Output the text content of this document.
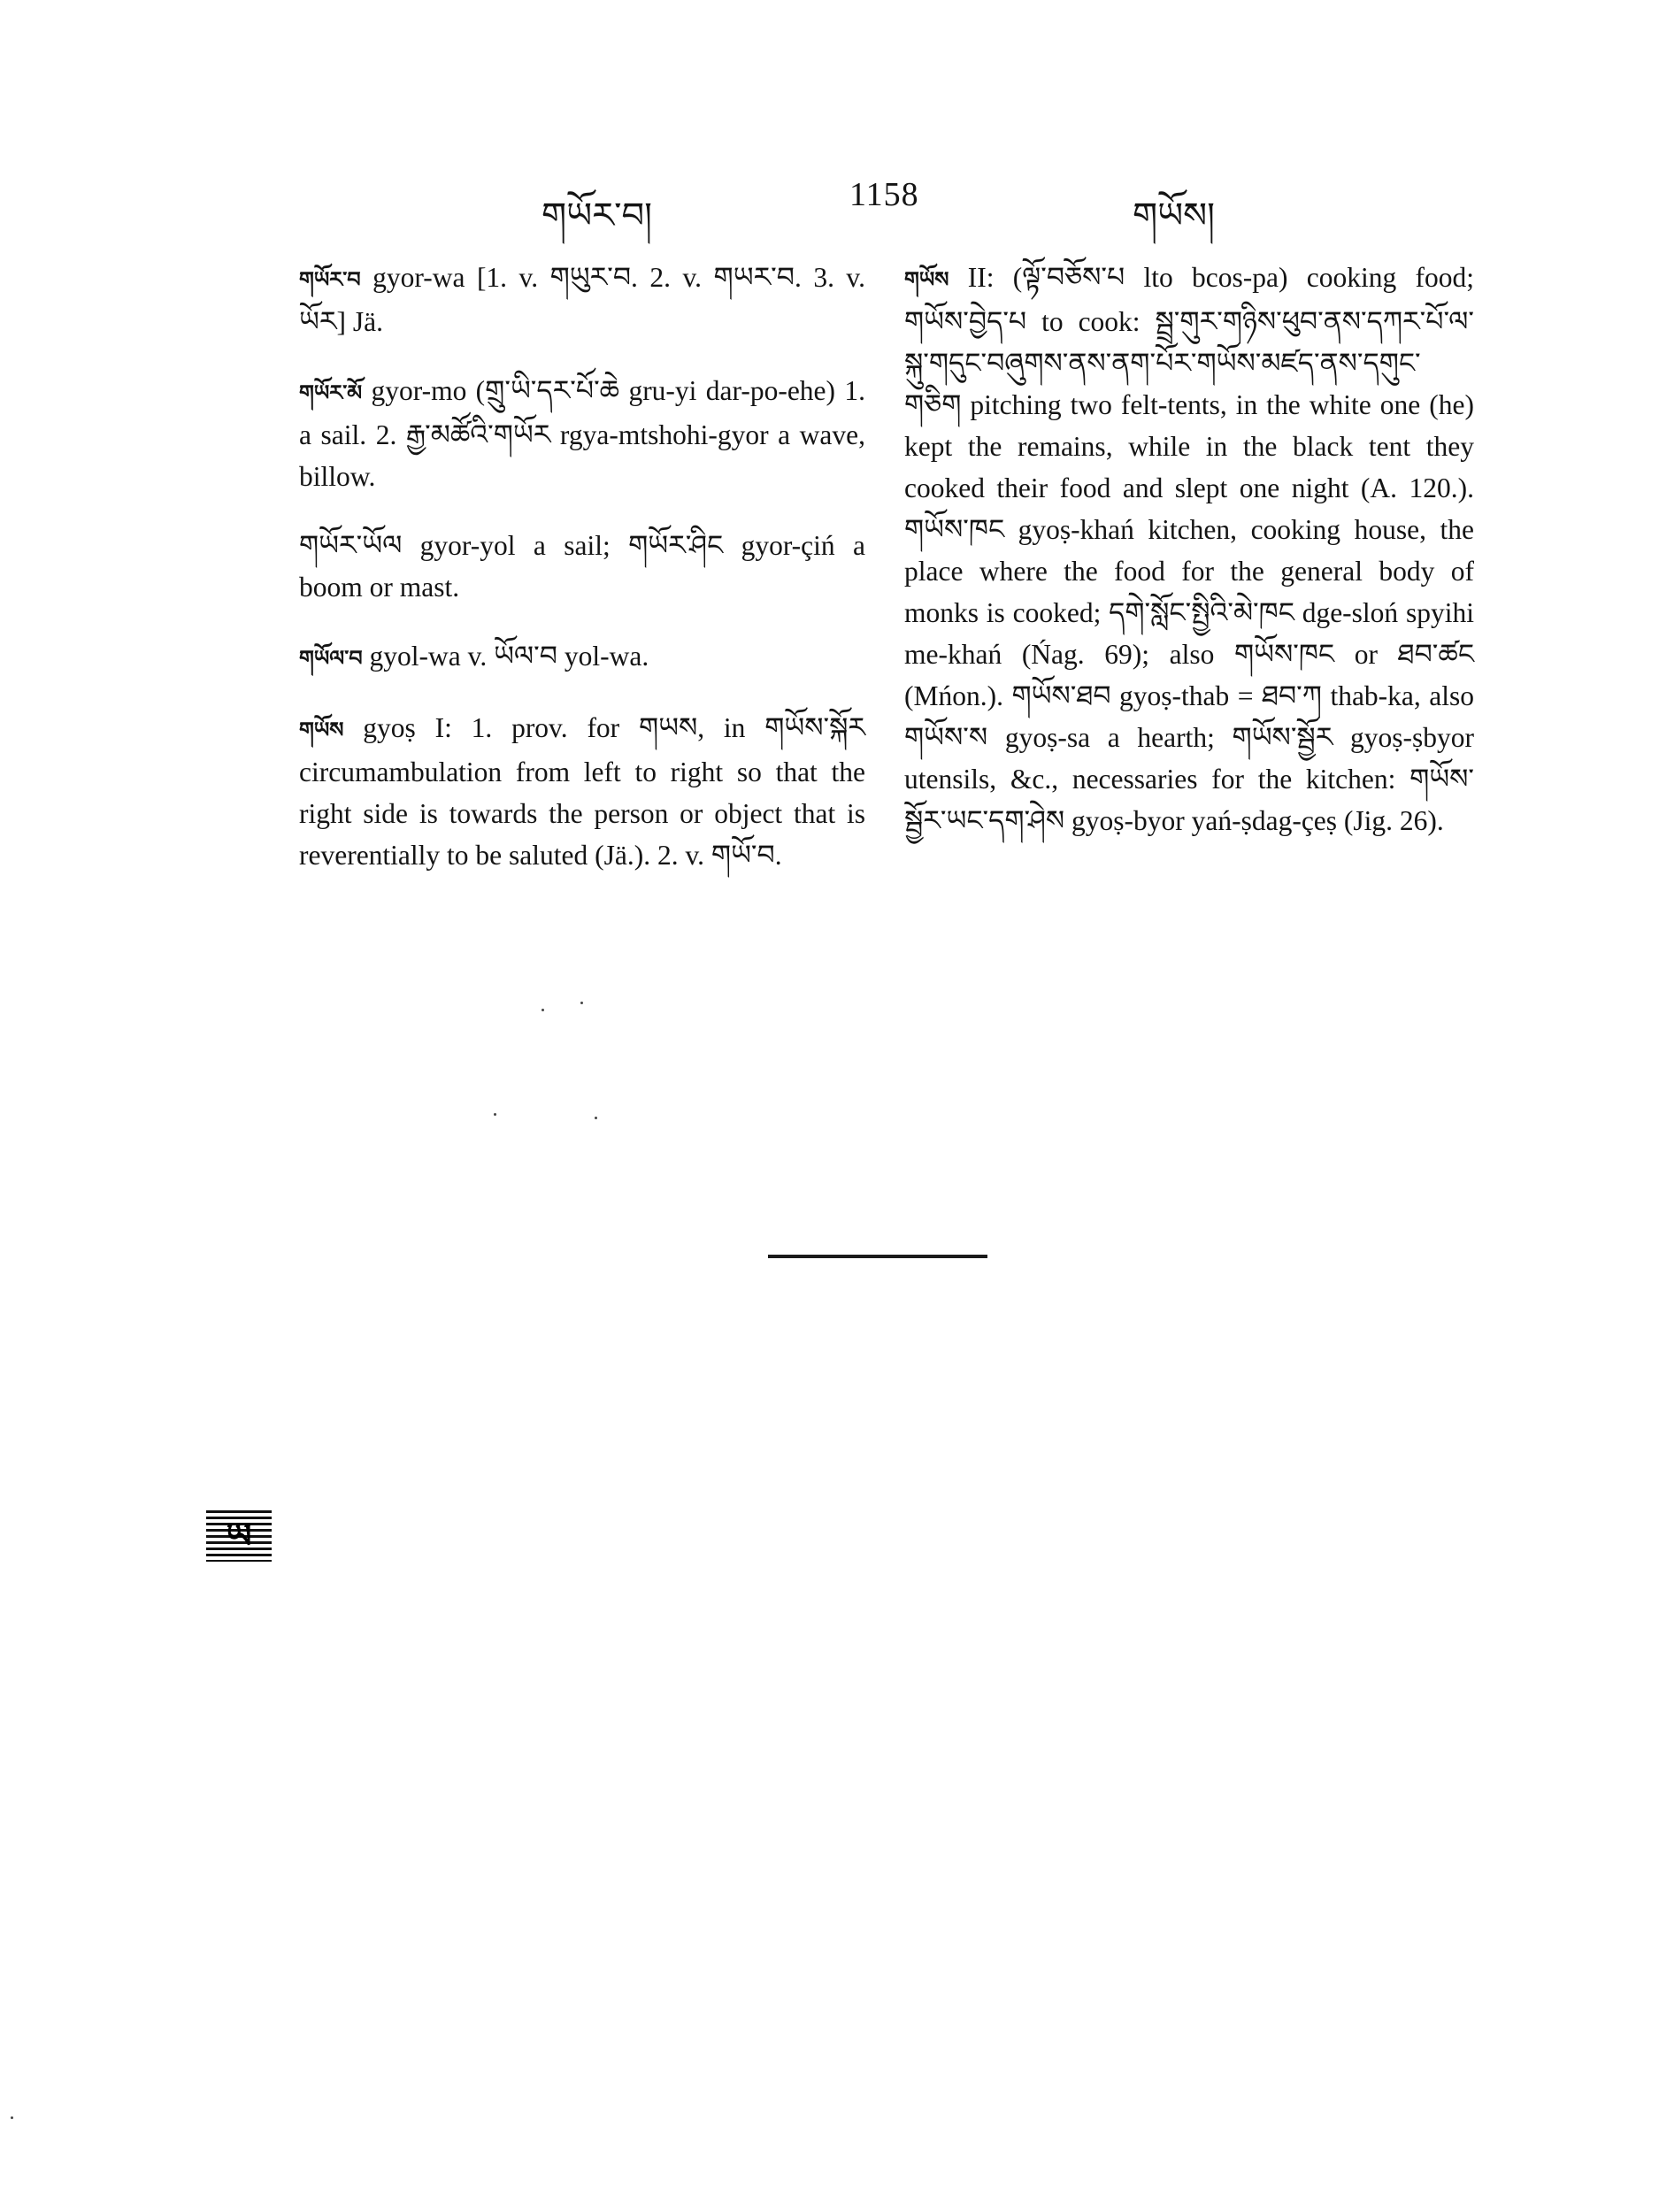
གཡོར་བ།
1158
གཡོས།

གཡོར་བ gyor-wa [1. v. གཡུར་བ. 2. v. གཡར་བ. 3. v. ཡོར] Jä.

གཡོར་མོ gyor-mo (གྲུ་ཡི་དར་པོ་ཆེ gru-yi dar-po-ehe) 1. a sail. 2. རྒྱ་མཚོའི་གཡོར rgya-mtshohi-gyor a wave, billow.

གཡོར་ཡོལ gyor-yol a sail; གཡོར་ཤིང gyor-çiń a boom or mast.

གཡོལ་བ gyol-wa v. ཡོལ་བ yol-wa.

གཡོས gyoṣ I: 1. prov. for གཡས, in གཡོས་སྐོར circumambulation from left to right so that the right side is towards the person or object that is reverentially to be saluted (Jä.). 2. v. གཡོ་བ.

གཡོས II: (ལྟོ་བཅོས་པ lto bcos-pa) cooking food; གཡོས་བྱེད་པ to cook: སྦྲ་གུར་གཉིས་ཕུབ་ནས་དཀར་པོ་ལ་སྐུ་གདུང་བཞུགས་ནས་ནག་པོར་གཡོས་མཛད་ནས་དགུང་གཅིག pitching two felt-tents, in the white one (he) kept the remains, while in the black tent they cooked their food and slept one night (A. 120.). གཡོས་ཁང gyoṣ-khań kitchen, cooking house, the place where the food for the general body of monks is cooked; དགེ་སློང་སྤྱིའི་མེ་ཁང dge-sloń spyihi me-khań (Ńag. 69); also གཡོས་ཁང or ཐབ་ཚང (Mńon.). གཡོས་ཐབ gyoṣ-thab = ཐབ་ཀ thab-ka, also གཡོས་ས gyoṣ-sa a hearth; གཡོས་སྦྱོར gyoṣ-ṣbyor utensils, &c., necessaries for the kitchen: གཡོས་སྦྱོར་ཡང་དག་ཤེས gyoṣ-byor yań-ṣdag-çeṣ (Jig. 26).

ཡ
